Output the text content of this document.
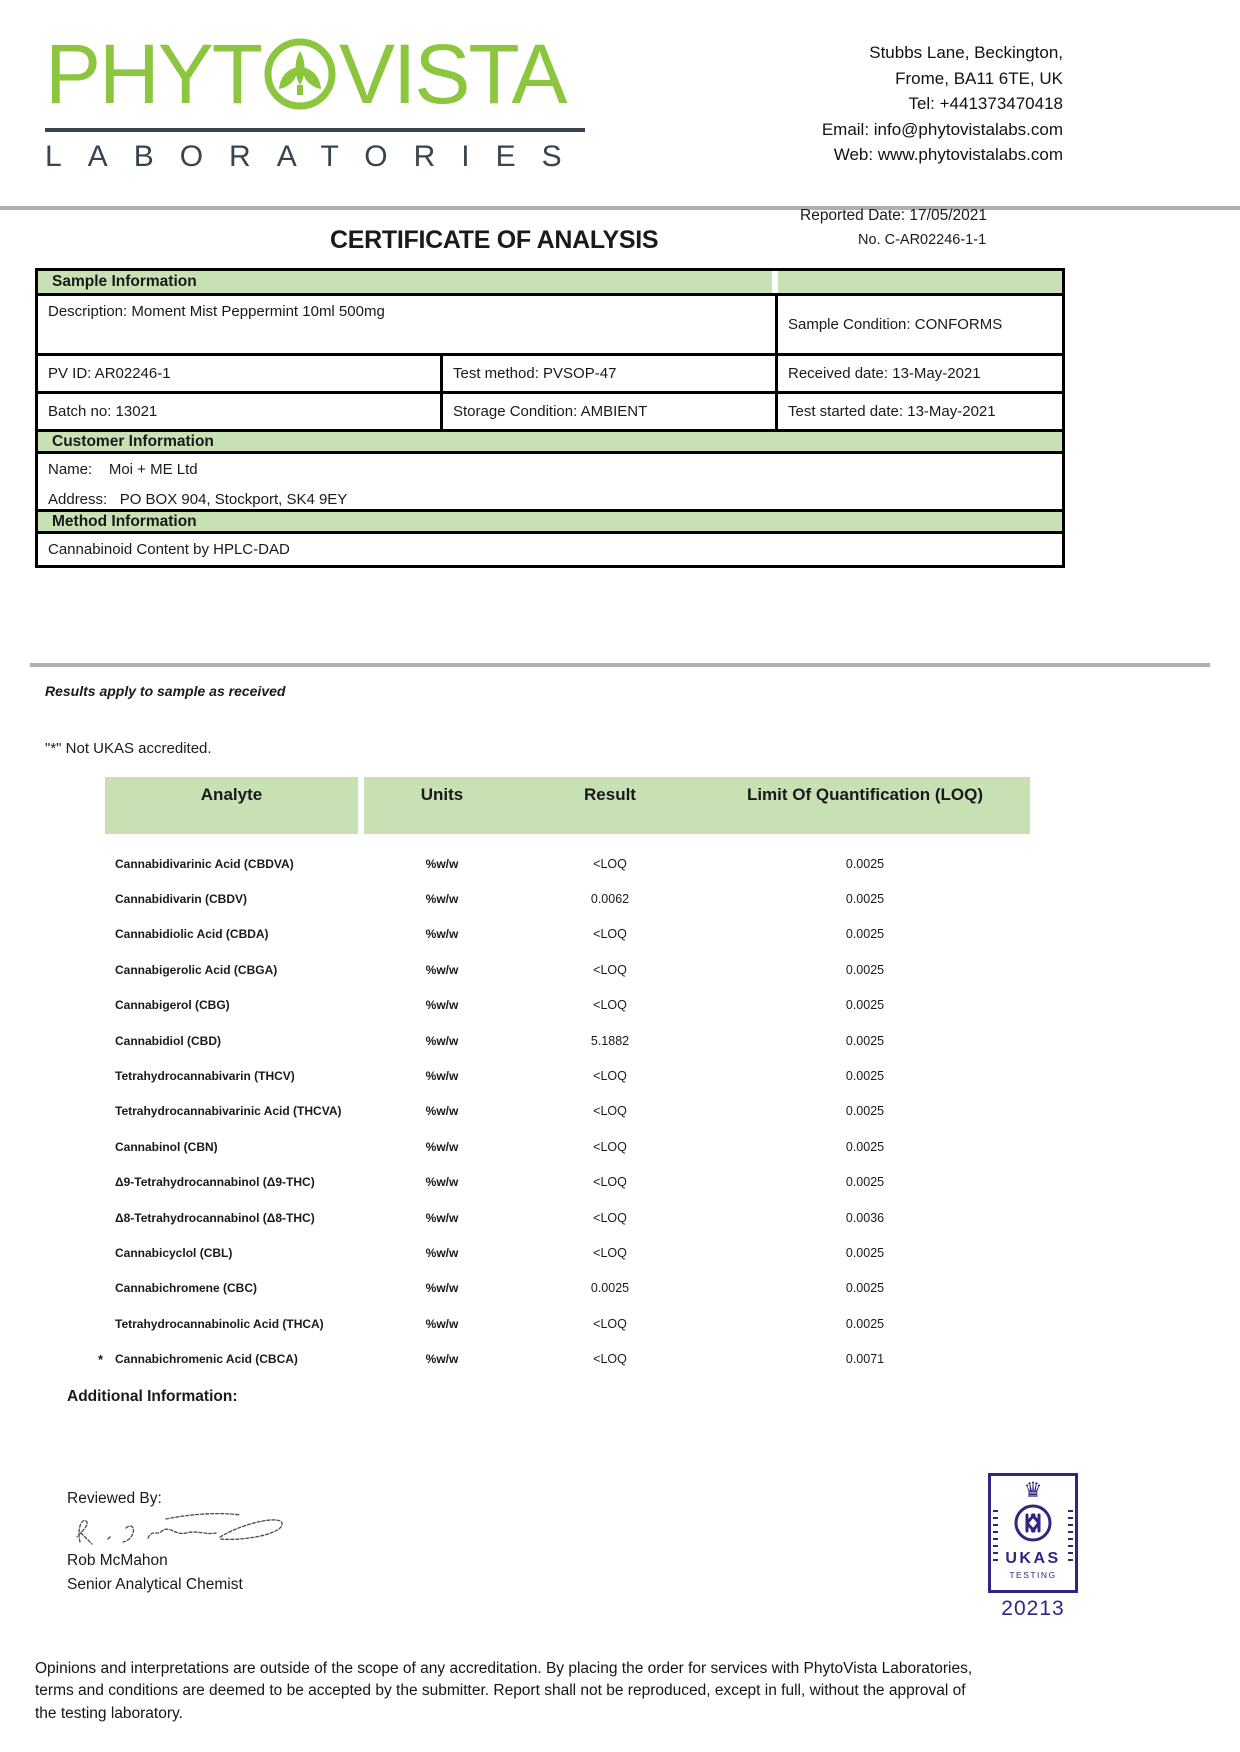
PHYT VISTA
LABORATORIES
Stubbs Lane, Beckington,
Frome, BA11 6TE, UK
Tel: +441373470418
Email: info@phytovistalabs.com
Web: www.phytovistalabs.com
Reported Date: 17/05/2021
CERTIFICATE OF ANALYSIS	No. C-AR02246-1-1
Sample Information
Description: Moment Mist Peppermint 10ml 500mg
Sample Condition: CONFORMS
PV ID: AR02246-1	Test method: PVSOP-47	Received date: 13-May-2021
Batch no: 13021	Storage Condition: AMBIENT	Test started date: 13-May-2021
Customer Information
Name:    Moi + ME Ltd
Address:   PO BOX 904, Stockport, SK4 9EY
Method Information
Cannabinoid Content by HPLC-DAD
Results apply to sample as received
"*" Not UKAS accredited.
Analyte	Units	Result	Limit Of Quantification (LOQ)
Cannabidivarinic Acid (CBDVA)	%w/w	<LOQ	0.0025
Cannabidivarin (CBDV)	%w/w	0.0062	0.0025
Cannabidiolic Acid (CBDA)	%w/w	<LOQ	0.0025
Cannabigerolic Acid (CBGA)	%w/w	<LOQ	0.0025
Cannabigerol (CBG)	%w/w	<LOQ	0.0025
Cannabidiol (CBD)	%w/w	5.1882	0.0025
Tetrahydrocannabivarin (THCV)	%w/w	<LOQ	0.0025
Tetrahydrocannabivarinic Acid (THCVA)	%w/w	<LOQ	0.0025
Cannabinol (CBN)	%w/w	<LOQ	0.0025
Δ9-Tetrahydrocannabinol (Δ9-THC)	%w/w	<LOQ	0.0025
Δ8-Tetrahydrocannabinol (Δ8-THC)	%w/w	<LOQ	0.0036
Cannabicyclol (CBL)	%w/w	<LOQ	0.0025
Cannabichromene (CBC)	%w/w	0.0025	0.0025
Tetrahydrocannabinolic Acid (THCA)	%w/w	<LOQ	0.0025
*	Cannabichromenic Acid (CBCA)	%w/w	<LOQ	0.0071
Additional Information:
Reviewed By:
Rob McMahon
Senior Analytical Chemist
♛
UKAS
TESTING
20213
Opinions and interpretations are outside of the scope of any accreditation. By placing the order for services with PhytoVista Laboratories,
terms and conditions are deemed to be accepted by the submitter. Report shall not be reproduced, except in full, without the approval of
the testing laboratory.
